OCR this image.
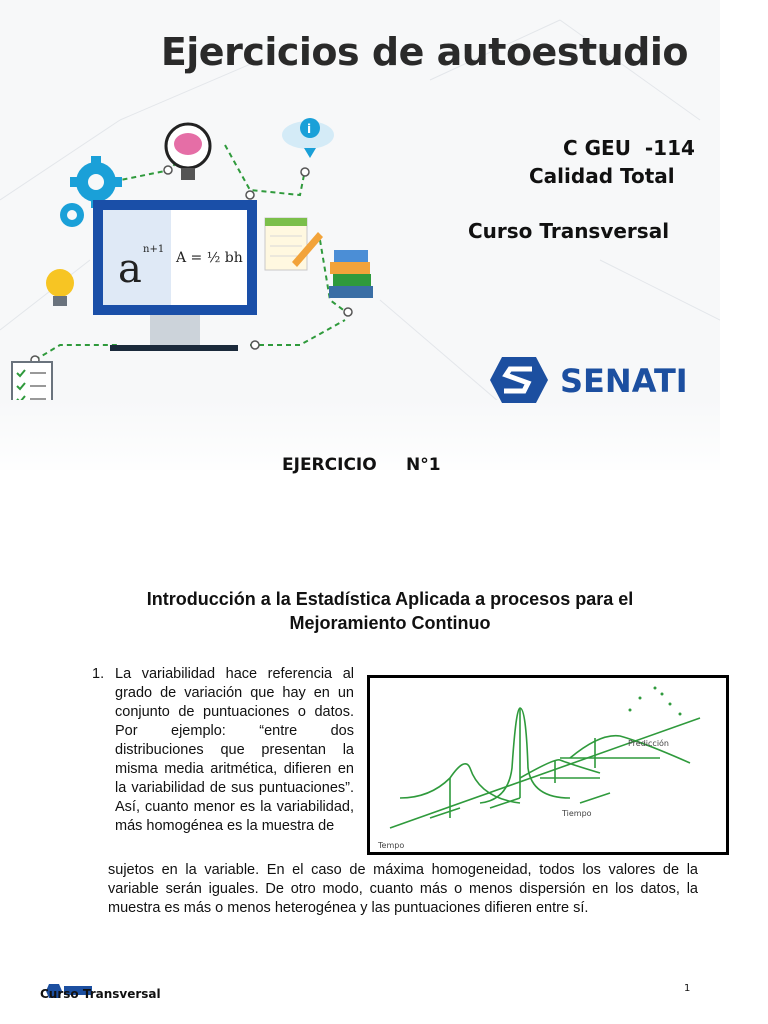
i
a n+1
A = ½ bh
Ejercicios de autoestudio
C GEU  -114
Calidad Total
Curso Transversal
SENATI
EJERCICIO N°1
Introducción a la Estadística Aplicada a procesos para el
Mejoramiento Continuo
1. La variabilidad hace referencia al grado de variación que hay en un conjunto de puntuaciones o datos. Por ejemplo: “entre dos distribuciones que presentan la misma media aritmética, difieren en la variabilidad de sus puntuaciones”. Así, cuanto menor es la variabilidad, más homogénea es la muestra de
sujetos en la variable. En el caso de máxima homogeneidad, todos los valores de la variable serán iguales. De otro modo, cuanto más o menos dispersión en los datos, la muestra es más o menos heterogénea y las puntuaciones difieren entre sí.
Predicción
Tiempo
Tempo
Curso Transversal	1
